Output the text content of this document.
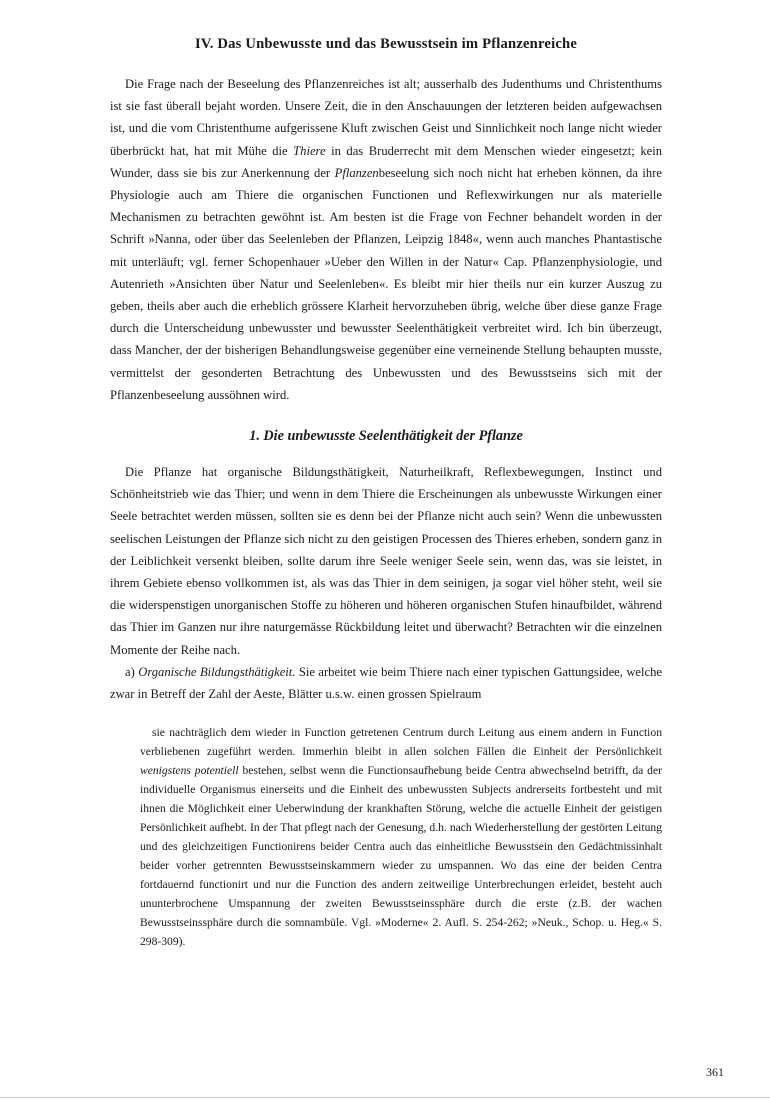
IV. Das Unbewusste und das Bewusstsein im Pflanzenreiche

Die Frage nach der Beseelung des Pflanzenreiches ist alt; ausserhalb des Judenthums und Christenthums ist sie fast überall bejaht worden. Unsere Zeit, die in den Anschauungen der letzteren beiden aufgewachsen ist, und die vom Christenthume aufgerissene Kluft zwischen Geist und Sinnlichkeit noch lange nicht wieder überbrückt hat, hat mit Mühe die Thiere in das Bruderrecht mit dem Menschen wieder eingesetzt; kein Wunder, dass sie bis zur Anerkennung der Pflanzenbeseelung sich noch nicht hat erheben können, da ihre Physiologie auch am Thiere die organischen Functionen und Reflexwirkungen nur als materielle Mechanismen zu betrachten gewöhnt ist. Am besten ist die Frage von Fechner behandelt worden in der Schrift »Nanna, oder über das Seelenleben der Pflanzen, Leipzig 1848«, wenn auch manches Phantastische mit unterläuft; vgl. ferner Schopenhauer »Ueber den Willen in der Natur« Cap. Pflanzenphysiologie, und Autenrieth »Ansichten über Natur und Seelenleben«. Es bleibt mir hier theils nur ein kurzer Auszug zu geben, theils aber auch die erheblich grössere Klarheit hervorzuheben übrig, welche über diese ganze Frage durch die Unterscheidung unbewusster und bewusster Seelenthätigkeit verbreitet wird. Ich bin überzeugt, dass Mancher, der der bisherigen Behandlungsweise gegenüber eine verneinende Stellung behaupten musste, vermittelst der gesonderten Betrachtung des Unbewussten und des Bewusstseins sich mit der Pflanzenbeseelung aussöhnen wird.

1. Die unbewusste Seelenthätigkeit der Pflanze

Die Pflanze hat organische Bildungsthätigkeit, Naturheilkraft, Reflexbewegungen, Instinct und Schönheitstrieb wie das Thier; und wenn in dem Thiere die Erscheinungen als unbewusste Wirkungen einer Seele betrachtet werden müssen, sollten sie es denn bei der Pflanze nicht auch sein? Wenn die unbewussten seelischen Leistungen der Pflanze sich nicht zu den geistigen Processen des Thieres erheben, sondern ganz in der Leiblichkeit versenkt bleiben, sollte darum ihre Seele weniger Seele sein, wenn das, was sie leistet, in ihrem Gebiete ebenso vollkommen ist, als was das Thier in dem seinigen, ja sogar viel höher steht, weil sie die widerspenstigen unorganischen Stoffe zu höheren und höheren organischen Stufen hinaufbildet, während das Thier im Ganzen nur ihre naturgemässe Rückbildung leitet und überwacht? Betrachten wir die einzelnen Momente der Reihe nach.

a) Organische Bildungsthätigkeit. Sie arbeitet wie beim Thiere nach einer typischen Gattungsidee, welche zwar in Betreff der Zahl der Aeste, Blätter u.s.w. einen grossen Spielraum

sie nachträglich dem wieder in Function getretenen Centrum durch Leitung aus einem andern in Function verbliebenen zugeführt werden. Immerhin bleibt in allen solchen Fällen die Einheit der Persönlichkeit wenigstens potentiell bestehen, selbst wenn die Functionsaufhebung beide Centra abwechselnd betrifft, da der individuelle Organismus einerseits und die Einheit des unbewussten Subjects andrerseits fortbesteht und mit ihnen die Möglichkeit einer Ueberwindung der krankhaften Störung, welche die actuelle Einheit der geistigen Persönlichkeit aufhebt. In der That pflegt nach der Genesung, d.h. nach Wiederherstellung der gestörten Leitung und des gleichzeitigen Functionirens beider Centra auch das einheitliche Bewusstsein den Gedächtnissinhalt beider vorher getrennten Bewusstseinskammern wieder zu umspannen. Wo das eine der beiden Centra fortdauernd functionirt und nur die Function des andern zeitweilige Unterbrechungen erleidet, besteht auch ununterbrochene Umspannung der zweiten Bewusstseinssphäre durch die erste (z.B. der wachen Bewusstseinssphäre durch die somnambüle. Vgl. »Moderne« 2. Aufl. S. 254-262; »Neuk., Schop. u. Heg.« S. 298-309).
361
